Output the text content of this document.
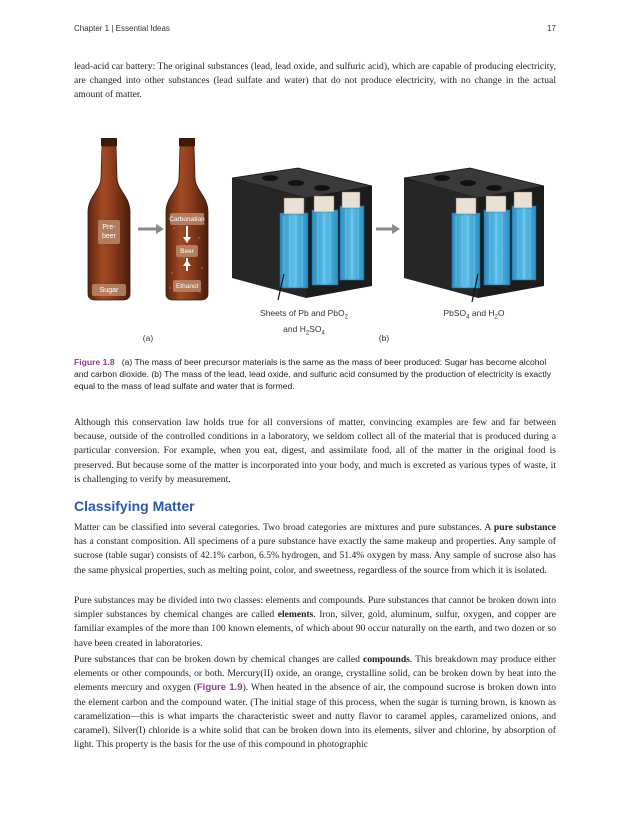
Chapter 1 | Essential Ideas	17

lead-acid car battery: The original substances (lead, lead oxide, and sulfuric acid), which are capable of producing electricity, are changed into other substances (lead sulfate and water) that do not produce electricity, with no change in the actual amount of matter.

Pre-
beer
Sugar
Carbonation
Beer
Ethanol
Sheets of Pb and PbO$_2$
and $H_2SO_4$
PbSO$_4$ and $H_2O$
(a)	(b)
Figure 1.8 (a) The mass of beer precursor materials is the same as the mass of beer produced: Sugar has become alcohol and carbon dioxide. (b) The mass of the lead, lead oxide, and sulfuric acid consumed by the production of electricity is exactly equal to the mass of lead sulfate and water that is formed.

Although this conservation law holds true for all conversions of matter, convincing examples are few and far between because, outside of the controlled conditions in a laboratory, we seldom collect all of the material that is produced during a particular conversion. For example, when you eat, digest, and assimilate food, all of the matter in the original food is preserved. But because some of the matter is incorporated into your body, and much is excreted as various types of waste, it is challenging to verify by measurement.

Classifying Matter

Matter can be classified into several categories. Two broad categories are mixtures and pure substances. A pure substance has a constant composition. All specimens of a pure substance have exactly the same makeup and properties. Any sample of sucrose (table sugar) consists of 42.1% carbon, 6.5% hydrogen, and 51.4% oxygen by mass. Any sample of sucrose also has the same physical properties, such as melting point, color, and sweetness, regardless of the source from which it is isolated.

Pure substances may be divided into two classes: elements and compounds. Pure substances that cannot be broken down into simpler substances by chemical changes are called elements. Iron, silver, gold, aluminum, sulfur, oxygen, and copper are familiar examples of the more than 100 known elements, of which about 90 occur naturally on the earth, and two dozen or so have been created in laboratories.

Pure substances that can be broken down by chemical changes are called compounds. This breakdown may produce either elements or other compounds, or both. Mercury(II) oxide, an orange, crystalline solid, can be broken down by heat into the elements mercury and oxygen (Figure 1.9). When heated in the absence of air, the compound sucrose is broken down into the element carbon and the compound water. (The initial stage of this process, when the sugar is turning brown, is known as caramelization—this is what imparts the characteristic sweet and nutty flavor to caramel apples, caramelized onions, and caramel). Silver(I) chloride is a white solid that can be broken down into its elements, silver and chlorine, by absorption of light. This property is the basis for the use of this compound in photographic
